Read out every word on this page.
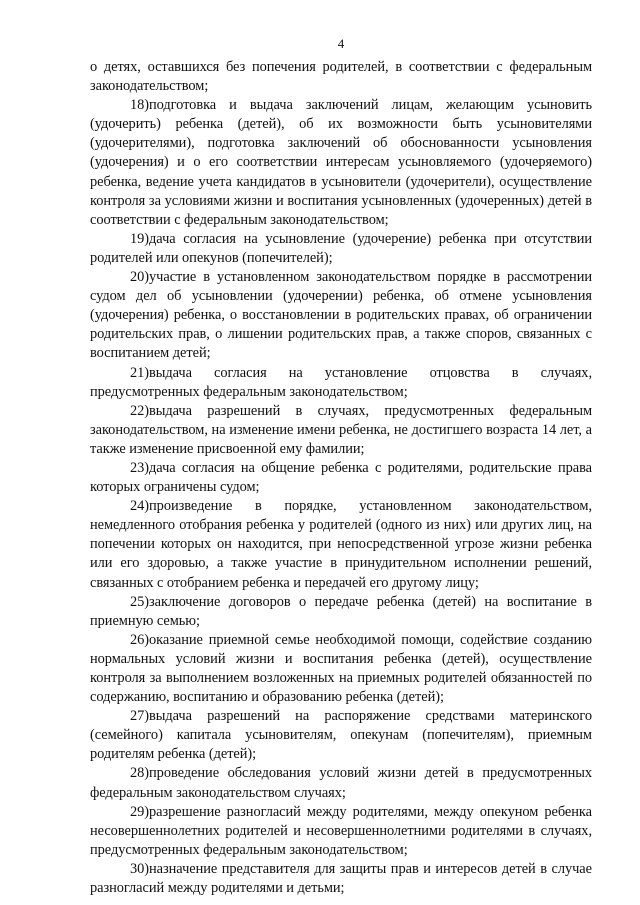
4

о детях, оставшихся без попечения родителей, в соответствии с федеральным законодательством;

18)подготовка и выдача заключений лицам, желающим усыновить (удочерить) ребенка (детей), об их возможности быть усыновителями (удочерителями), подготовка заключений об обоснованности усыновления (удочерения) и о его соответствии интересам усыновляемого (удочеряемого) ребенка, ведение учета кандидатов в усыновители (удочерители), осуществление контроля за условиями жизни и воспитания усыновленных (удочеренных) детей в соответствии с федеральным законодательством;

19)дача согласия на усыновление (удочерение) ребенка при отсутствии родителей или опекунов (попечителей);

20)участие в установленном законодательством порядке в рассмотрении судом дел об усыновлении (удочерении) ребенка, об отмене усыновления (удочерения) ребенка, о восстановлении в родительских правах, об ограничении родительских прав, о лишении родительских прав, а также споров, связанных с воспитанием детей;

21)выдача согласия на установление отцовства в случаях, предусмотренных федеральным законодательством;

22)выдача разрешений в случаях, предусмотренных федеральным законодательством, на изменение имени ребенка, не достигшего возраста 14 лет, а также изменение присвоенной ему фамилии;

23)дача согласия на общение ребенка с родителями, родительские права которых ограничены судом;

24)произведение в порядке, установленном законодательством, немедленного отобрания ребенка у родителей (одного из них) или других лиц, на попечении которых он находится, при непосредственной угрозе жизни ребенка или его здоровью, а также участие в принудительном исполнении решений, связанных с отобранием ребенка и передачей его другому лицу;

25)заключение договоров о передаче ребенка (детей) на воспитание в приемную семью;

26)оказание приемной семье необходимой помощи, содействие созданию нормальных условий жизни и воспитания ребенка (детей), осуществление контроля за выполнением возложенных на приемных родителей обязанностей по содержанию, воспитанию и образованию ребенка (детей);

27)выдача разрешений на распоряжение средствами материнского (семейного) капитала усыновителям, опекунам (попечителям), приемным родителям ребенка (детей);

28)проведение обследования условий жизни детей в предусмотренных федеральным законодательством случаях;

29)разрешение разногласий между родителями, между опекуном ребенка несовершеннолетних родителей и несовершеннолетними родителями в случаях, предусмотренных федеральным законодательством;

30)назначение представителя для защиты прав и интересов детей в случае разногласий между родителями и детьми;
